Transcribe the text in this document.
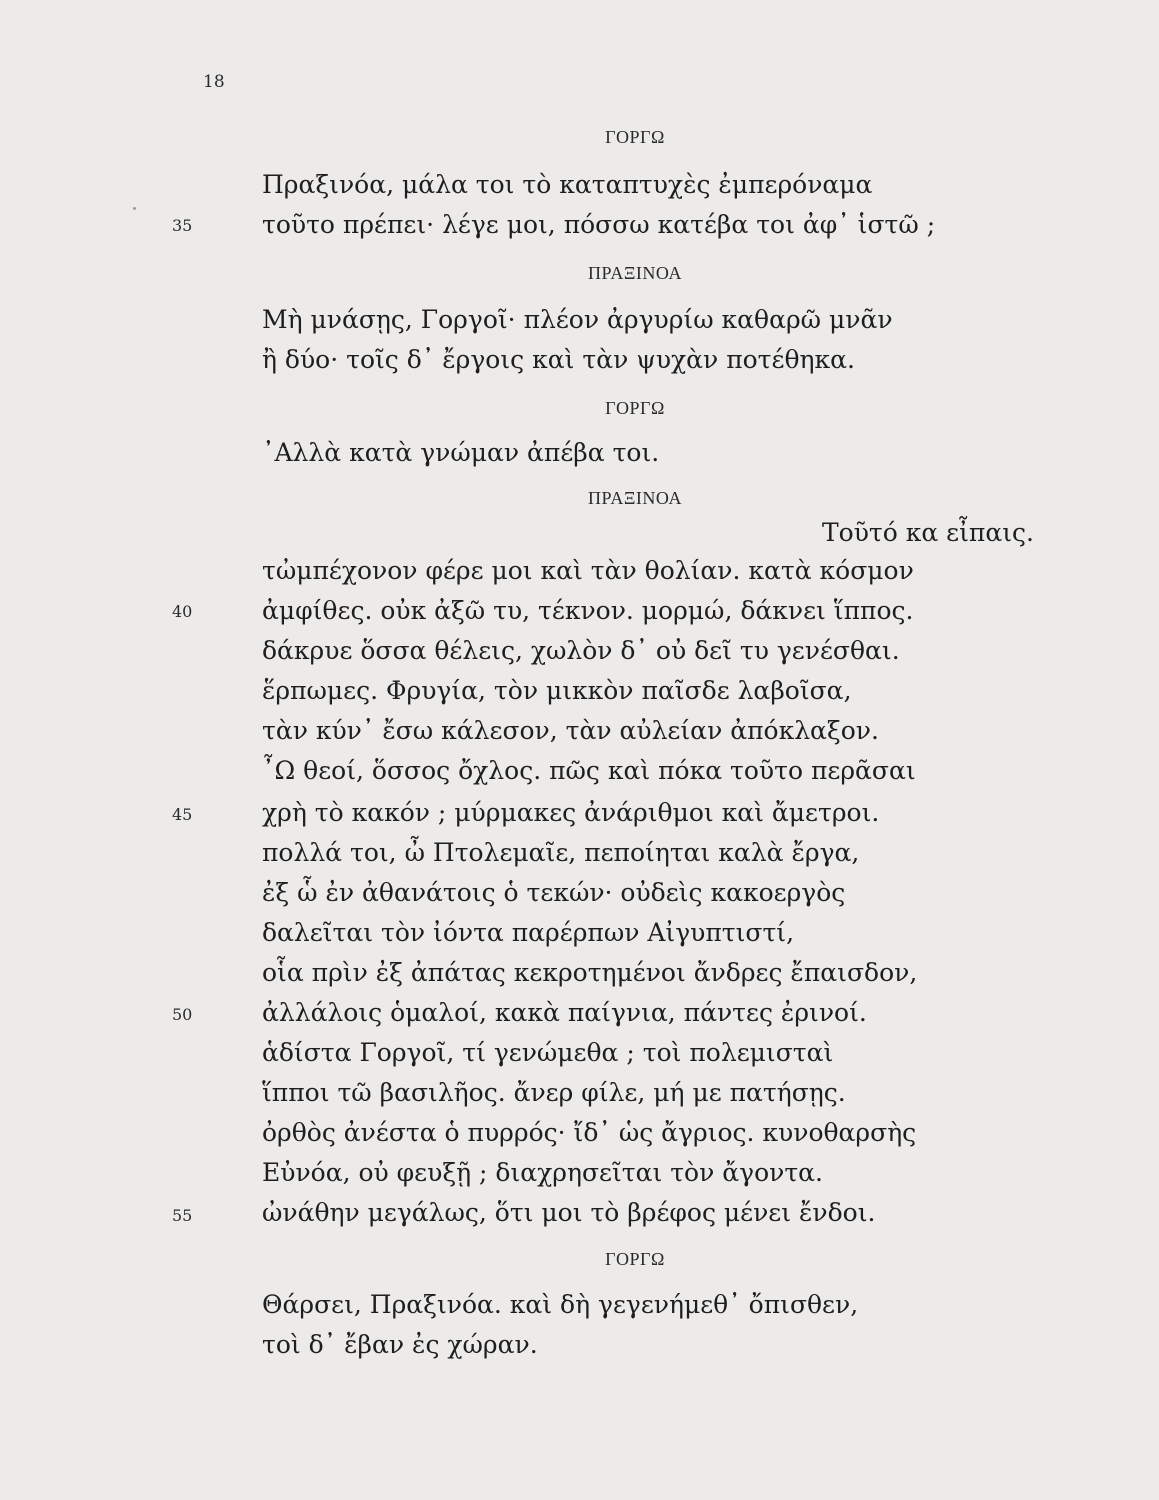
18
35
40
45
50
55
ΓΟΡΓΩ
ΠΡΑΞΙΝΟΑ
ΓΟΡΓΩ
ΠΡΑΞΙΝΟΑ
ΓΟΡΓΩ
Πραξινόα, μάλα τοι τὸ καταπτυχὲς ἐμπερόναμα
τοῦτο πρέπει· λέγε μοι, πόσσω κατέβα τοι ἀφ᾽ ἱστῶ ;
Μὴ μνάσῃς, Γοργοῖ· πλέον ἀργυρίω καθαρῶ μνᾶν
ἢ δύο· τοῖς δ᾽ ἔργοις καὶ τὰν ψυχὰν ποτέθηκα.
᾽Αλλὰ κατὰ γνώμαν ἀπέβα τοι.
Τοῦτό κα εἶπαις.
τὠμπέχονον φέρε μοι καὶ τὰν θολίαν. κατὰ κόσμον
ἀμφίθες. οὐκ ἀξῶ τυ, τέκνον. μορμώ, δάκνει ἵππος.
δάκρυε ὅσσα θέλεις, χωλὸν δ᾽ οὐ δεῖ τυ γενέσθαι.
ἕρπωμες. Φρυγία, τὸν μικκὸν παῖσδε λαβοῖσα,
τὰν κύν᾽ ἔσω κάλεσον, τὰν αὐλείαν ἀπόκλαξον.
῏Ω θεοί, ὅσσος ὄχλος. πῶς καὶ πόκα τοῦτο περᾶσαι
χρὴ τὸ κακόν ; μύρμακες ἀνάριθμοι καὶ ἄμετροι.
πολλά τοι, ὦ Πτολεμαῖε, πεποίηται καλὰ ἔργα,
ἐξ ὧ ἐν ἀθανάτοις ὁ τεκών· οὐδεὶς κακοεργὸς
δαλεῖται τὸν ἰόντα παρέρπων Αἰγυπτιστί,
οἷα πρὶν ἐξ ἀπάτας κεκροτημένοι ἄνδρες ἔπαισδον,
ἀλλάλοις ὁμαλοί, κακὰ παίγνια, πάντες ἐρινοί.
ἁδίστα Γοργοῖ, τί γενώμεθα ; τοὶ πολεμισταὶ
ἵπποι τῶ βασιλῆος. ἄνερ φίλε, μή με πατήσῃς.
ὀρθὸς ἀνέστα ὁ πυρρός· ἴδ᾽ ὡς ἄγριος. κυνοθαρσὴς
Εὐνόα, οὐ φευξῇ ; διαχρησεῖται τὸν ἄγοντα.
ὠνάθην μεγάλως, ὅτι μοι τὸ βρέφος μένει ἔνδοι.
Θάρσει, Πραξινόα. καὶ δὴ γεγενήμεθ᾽ ὄπισθεν,
τοὶ δ᾽ ἔβαν ἐς χώραν.
